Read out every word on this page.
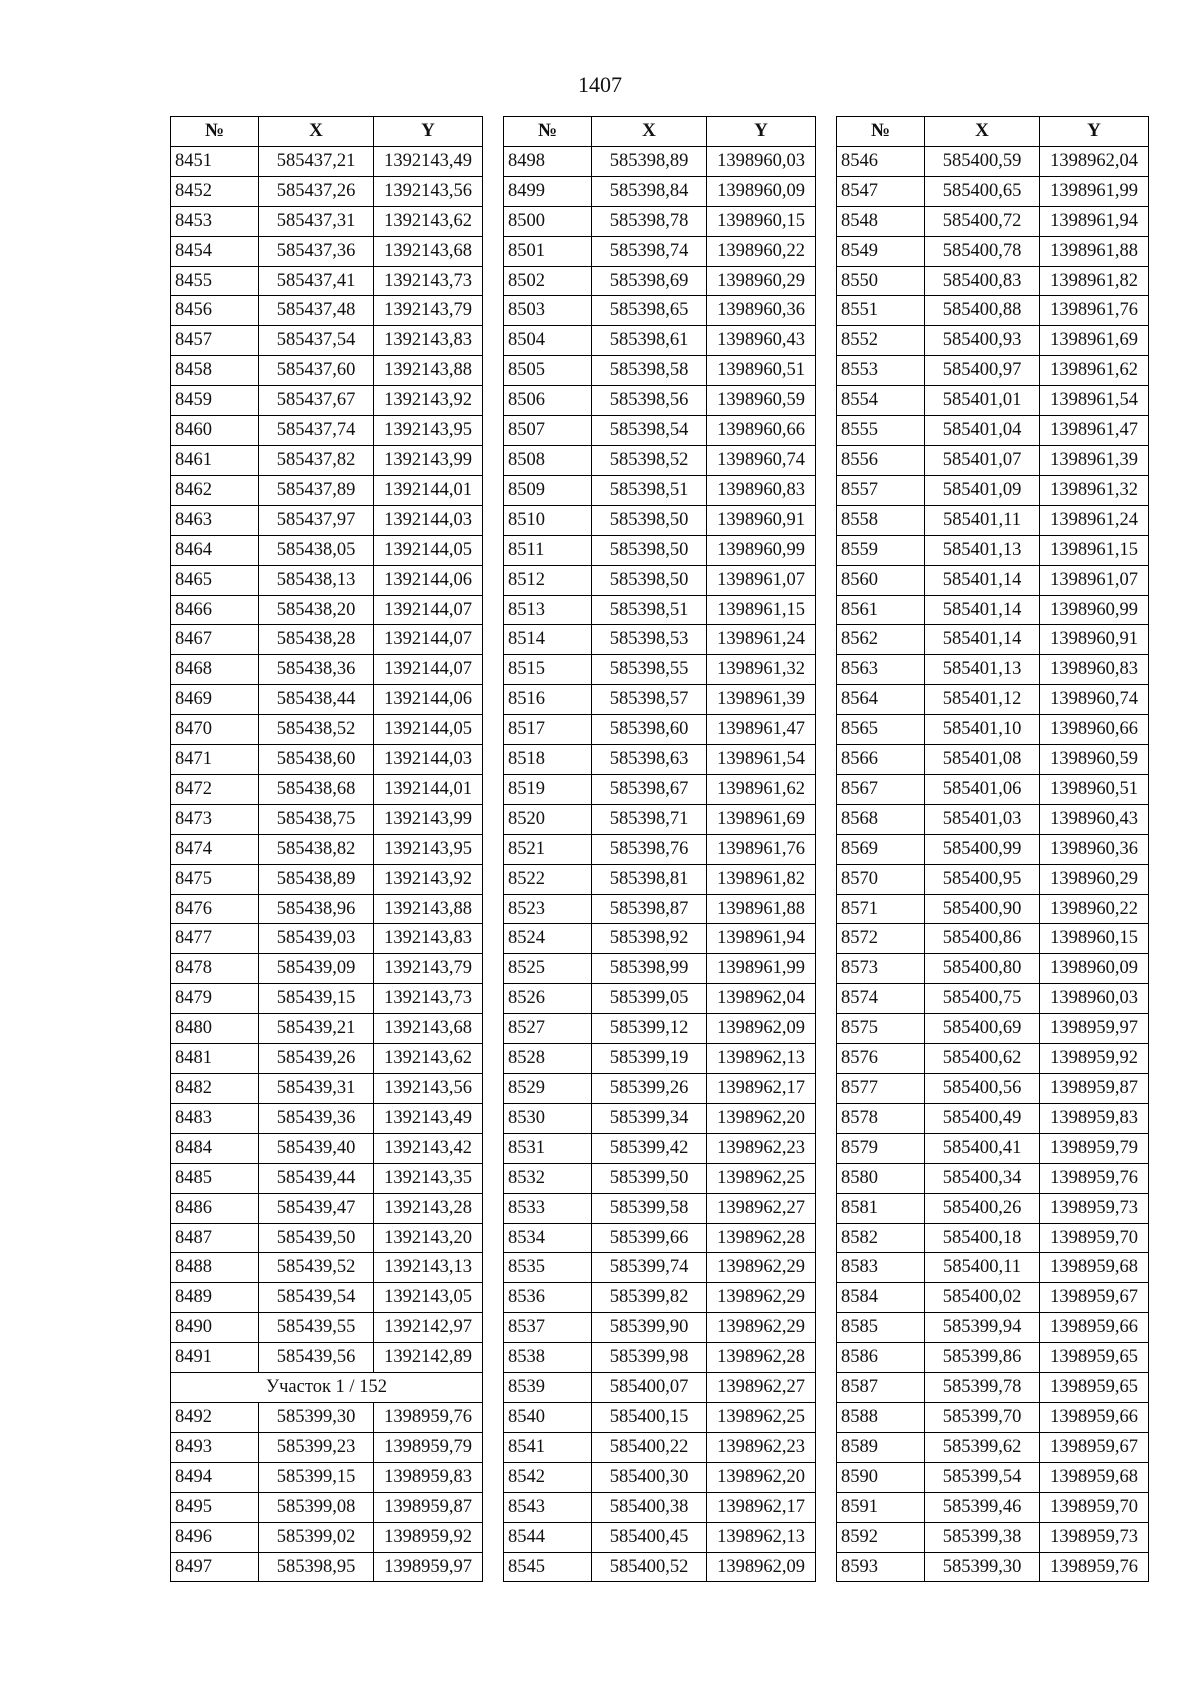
1407
№	X	Y
8451	585437,21	1392143,49
8452	585437,26	1392143,56
8453	585437,31	1392143,62
8454	585437,36	1392143,68
8455	585437,41	1392143,73
8456	585437,48	1392143,79
8457	585437,54	1392143,83
8458	585437,60	1392143,88
8459	585437,67	1392143,92
8460	585437,74	1392143,95
8461	585437,82	1392143,99
8462	585437,89	1392144,01
8463	585437,97	1392144,03
8464	585438,05	1392144,05
8465	585438,13	1392144,06
8466	585438,20	1392144,07
8467	585438,28	1392144,07
8468	585438,36	1392144,07
8469	585438,44	1392144,06
8470	585438,52	1392144,05
8471	585438,60	1392144,03
8472	585438,68	1392144,01
8473	585438,75	1392143,99
8474	585438,82	1392143,95
8475	585438,89	1392143,92
8476	585438,96	1392143,88
8477	585439,03	1392143,83
8478	585439,09	1392143,79
8479	585439,15	1392143,73
8480	585439,21	1392143,68
8481	585439,26	1392143,62
8482	585439,31	1392143,56
8483	585439,36	1392143,49
8484	585439,40	1392143,42
8485	585439,44	1392143,35
8486	585439,47	1392143,28
8487	585439,50	1392143,20
8488	585439,52	1392143,13
8489	585439,54	1392143,05
8490	585439,55	1392142,97
8491	585439,56	1392142,89
Участок 1 / 152		
8492	585399,30	1398959,76
8493	585399,23	1398959,79
8494	585399,15	1398959,83
8495	585399,08	1398959,87
8496	585399,02	1398959,92
8497	585398,95	1398959,97
№	X	Y
8498	585398,89	1398960,03
8499	585398,84	1398960,09
8500	585398,78	1398960,15
8501	585398,74	1398960,22
8502	585398,69	1398960,29
8503	585398,65	1398960,36
8504	585398,61	1398960,43
8505	585398,58	1398960,51
8506	585398,56	1398960,59
8507	585398,54	1398960,66
8508	585398,52	1398960,74
8509	585398,51	1398960,83
8510	585398,50	1398960,91
8511	585398,50	1398960,99
8512	585398,50	1398961,07
8513	585398,51	1398961,15
8514	585398,53	1398961,24
8515	585398,55	1398961,32
8516	585398,57	1398961,39
8517	585398,60	1398961,47
8518	585398,63	1398961,54
8519	585398,67	1398961,62
8520	585398,71	1398961,69
8521	585398,76	1398961,76
8522	585398,81	1398961,82
8523	585398,87	1398961,88
8524	585398,92	1398961,94
8525	585398,99	1398961,99
8526	585399,05	1398962,04
8527	585399,12	1398962,09
8528	585399,19	1398962,13
8529	585399,26	1398962,17
8530	585399,34	1398962,20
8531	585399,42	1398962,23
8532	585399,50	1398962,25
8533	585399,58	1398962,27
8534	585399,66	1398962,28
8535	585399,74	1398962,29
8536	585399,82	1398962,29
8537	585399,90	1398962,29
8538	585399,98	1398962,28
8539	585400,07	1398962,27
8540	585400,15	1398962,25
8541	585400,22	1398962,23
8542	585400,30	1398962,20
8543	585400,38	1398962,17
8544	585400,45	1398962,13
8545	585400,52	1398962,09
№	X	Y
8546	585400,59	1398962,04
8547	585400,65	1398961,99
8548	585400,72	1398961,94
8549	585400,78	1398961,88
8550	585400,83	1398961,82
8551	585400,88	1398961,76
8552	585400,93	1398961,69
8553	585400,97	1398961,62
8554	585401,01	1398961,54
8555	585401,04	1398961,47
8556	585401,07	1398961,39
8557	585401,09	1398961,32
8558	585401,11	1398961,24
8559	585401,13	1398961,15
8560	585401,14	1398961,07
8561	585401,14	1398960,99
8562	585401,14	1398960,91
8563	585401,13	1398960,83
8564	585401,12	1398960,74
8565	585401,10	1398960,66
8566	585401,08	1398960,59
8567	585401,06	1398960,51
8568	585401,03	1398960,43
8569	585400,99	1398960,36
8570	585400,95	1398960,29
8571	585400,90	1398960,22
8572	585400,86	1398960,15
8573	585400,80	1398960,09
8574	585400,75	1398960,03
8575	585400,69	1398959,97
8576	585400,62	1398959,92
8577	585400,56	1398959,87
8578	585400,49	1398959,83
8579	585400,41	1398959,79
8580	585400,34	1398959,76
8581	585400,26	1398959,73
8582	585400,18	1398959,70
8583	585400,11	1398959,68
8584	585400,02	1398959,67
8585	585399,94	1398959,66
8586	585399,86	1398959,65
8587	585399,78	1398959,65
8588	585399,70	1398959,66
8589	585399,62	1398959,67
8590	585399,54	1398959,68
8591	585399,46	1398959,70
8592	585399,38	1398959,73
8593	585399,30	1398959,76
